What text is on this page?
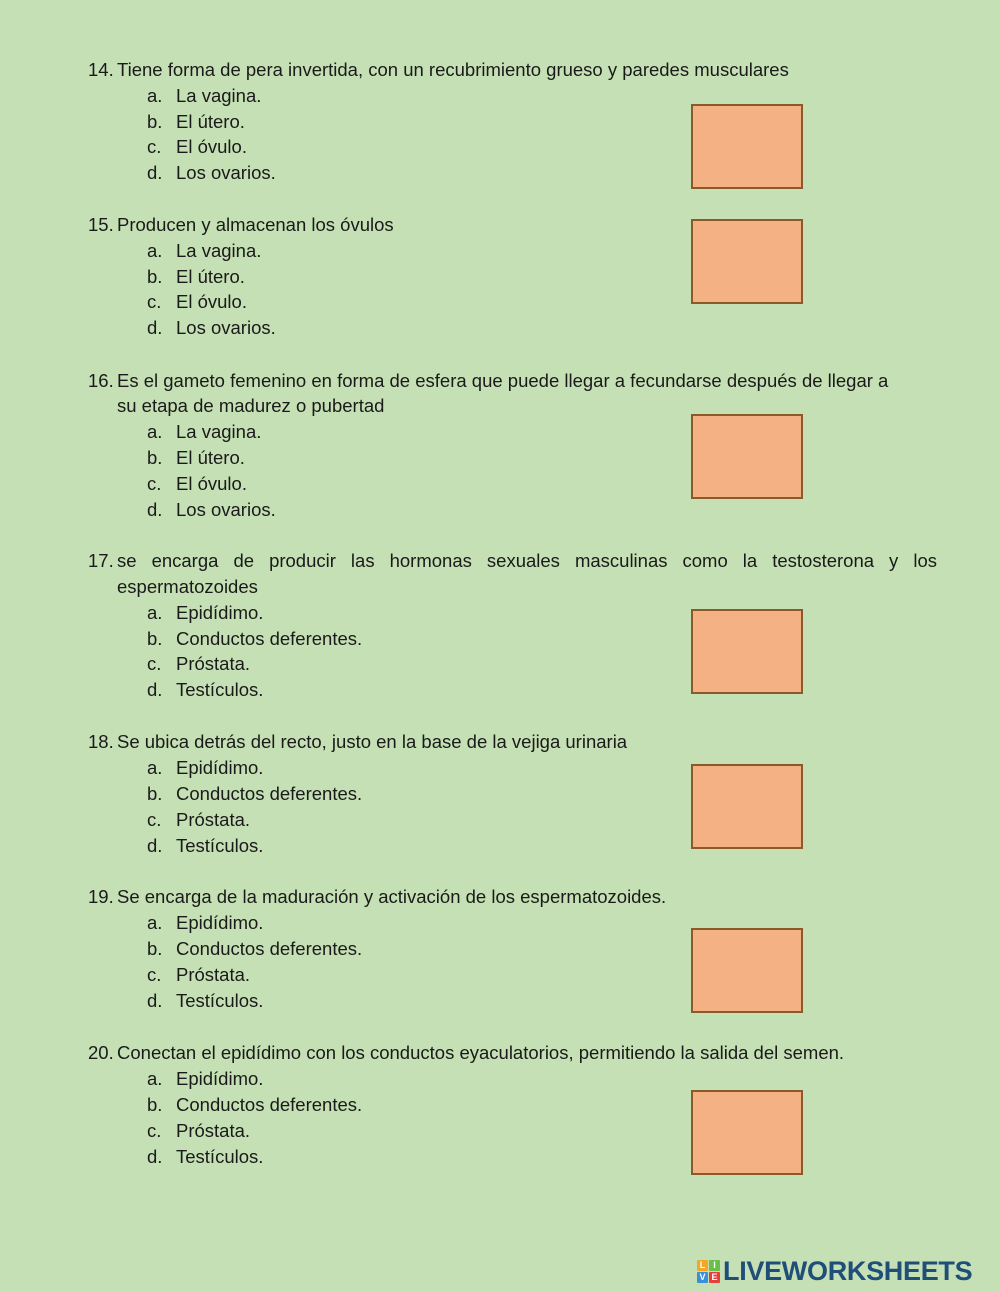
14. Tiene forma de pera invertida, con un recubrimiento grueso y paredes musculares
a. La vagina.
b. El útero.
c. El óvulo.
d. Los ovarios.
15. Producen y almacenan los óvulos
a. La vagina.
b. El útero.
c. El óvulo.
d. Los ovarios.
16. Es el gameto femenino en forma de esfera que puede llegar a fecundarse después de llegar a
su etapa de madurez o pubertad
a. La vagina.
b. El útero.
c. El óvulo.
d. Los ovarios.
17. se encarga de producir las hormonas sexuales masculinas como la testosterona y los
espermatozoides
a. Epidídimo.
b. Conductos deferentes.
c. Próstata.
d. Testículos.
18. Se ubica detrás del recto, justo en la base de la vejiga urinaria
a. Epidídimo.
b. Conductos deferentes.
c. Próstata.
d. Testículos.
19. Se encarga de la maduración y activación de los espermatozoides.
a. Epidídimo.
b. Conductos deferentes.
c. Próstata.
d. Testículos.
20. Conectan el epidídimo con los conductos eyaculatorios, permitiendo la salida del semen.
a. Epidídimo.
b. Conductos deferentes.
c. Próstata.
d. Testículos.
L I
V E LIVEWORKSHEETS
